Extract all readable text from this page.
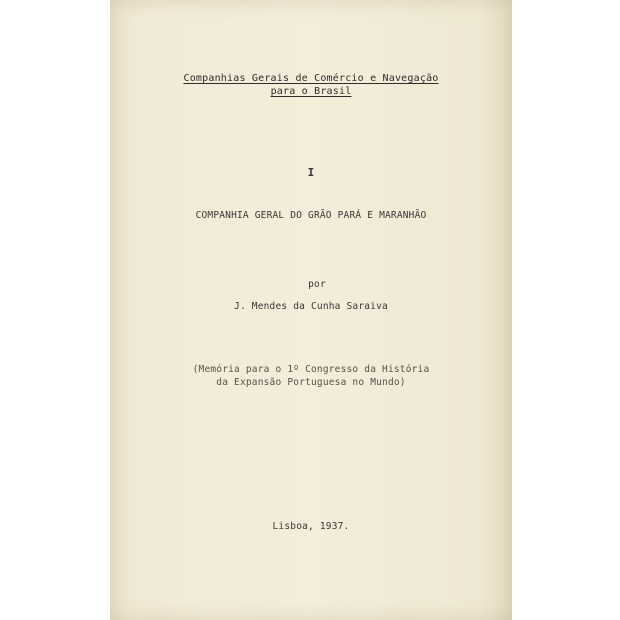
Companhias Gerais de Comércio e Navegação
para o Brasil
I
COMPANHIA GERAL DO GRÃO PARÁ E MARANHÃO
por
J. Mendes da Cunha Saraiva
(Memória para o 1º Congresso da História
da Expansão Portuguesa no Mundo)
Lisboa, 1937.
